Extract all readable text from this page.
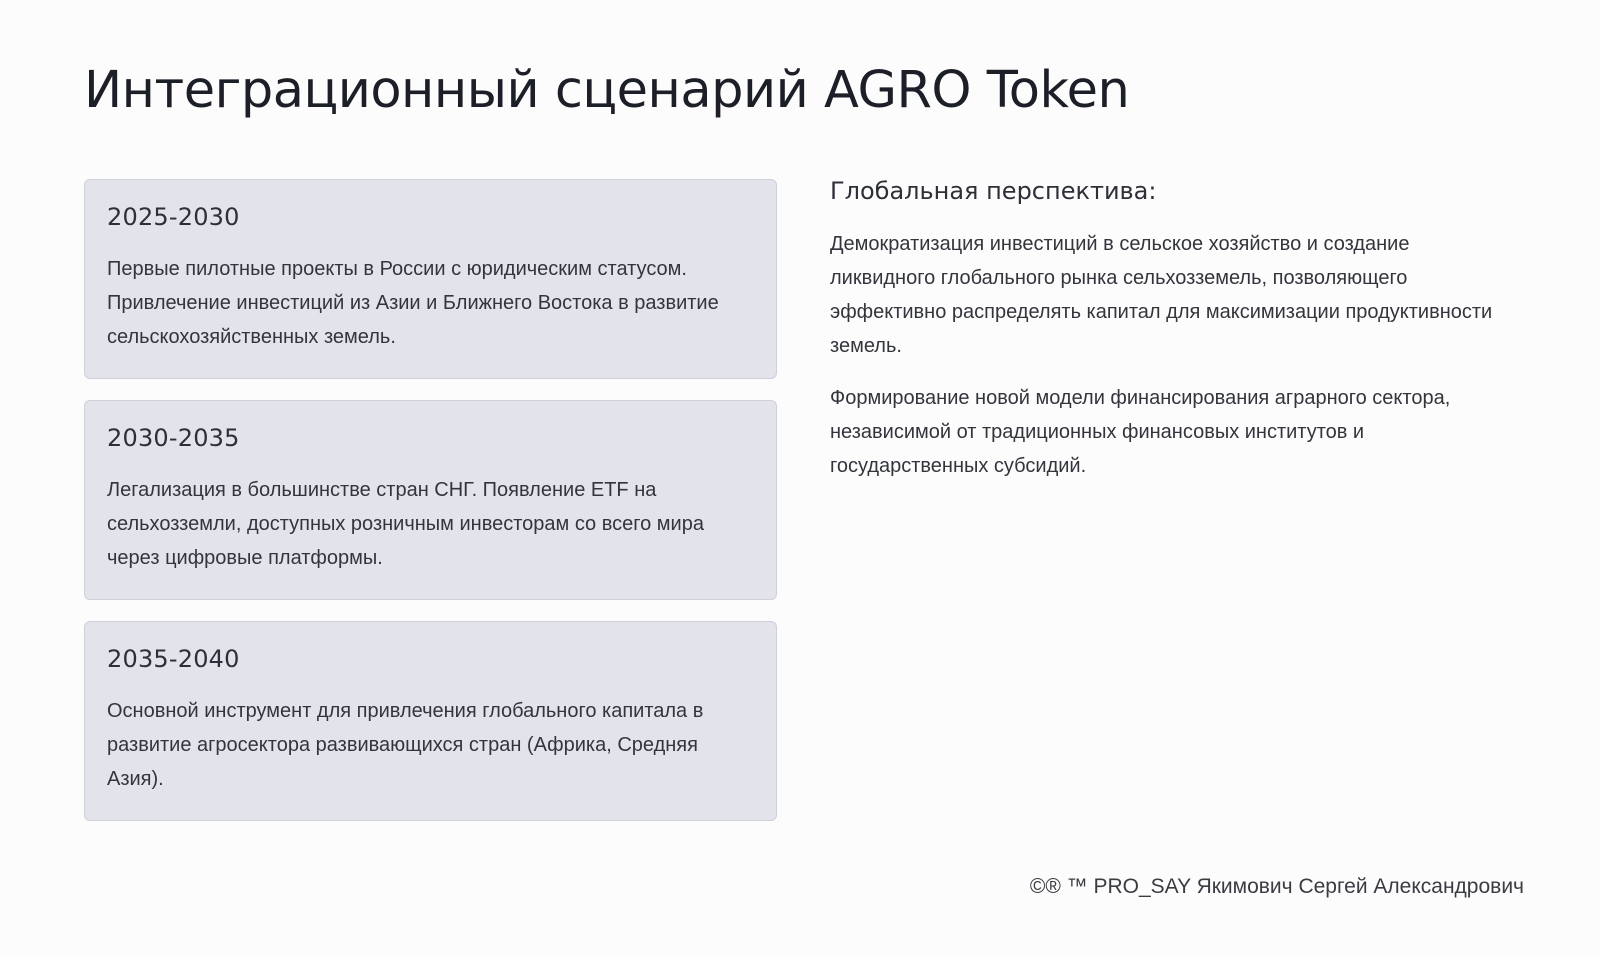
Интеграционный сценарий AGRO Token
2025-2030

Первые пилотные проекты в России с юридическим статусом. Привлечение инвестиций из Азии и Ближнего Востока в развитие сельскохозяйственных земель.

2030-2035

Легализация в большинстве стран СНГ. Появление ETF на сельхозземли, доступных розничным инвесторам со всего мира через цифровые платформы.

2035-2040

Основной инструмент для привлечения глобального капитала в развитие агросектора развивающихся стран (Африка, Средняя Азия).

Глобальная перспектива:

Демократизация инвестиций в сельское хозяйство и создание ликвидного глобального рынка сельхозземель, позволяющего эффективно распределять капитал для максимизации продуктивности земель.

Формирование новой модели финансирования аграрного сектора, независимой от традиционных финансовых институтов и государственных субсидий.

©® ™ PRO_SAY Якимович Сергей Александрович
